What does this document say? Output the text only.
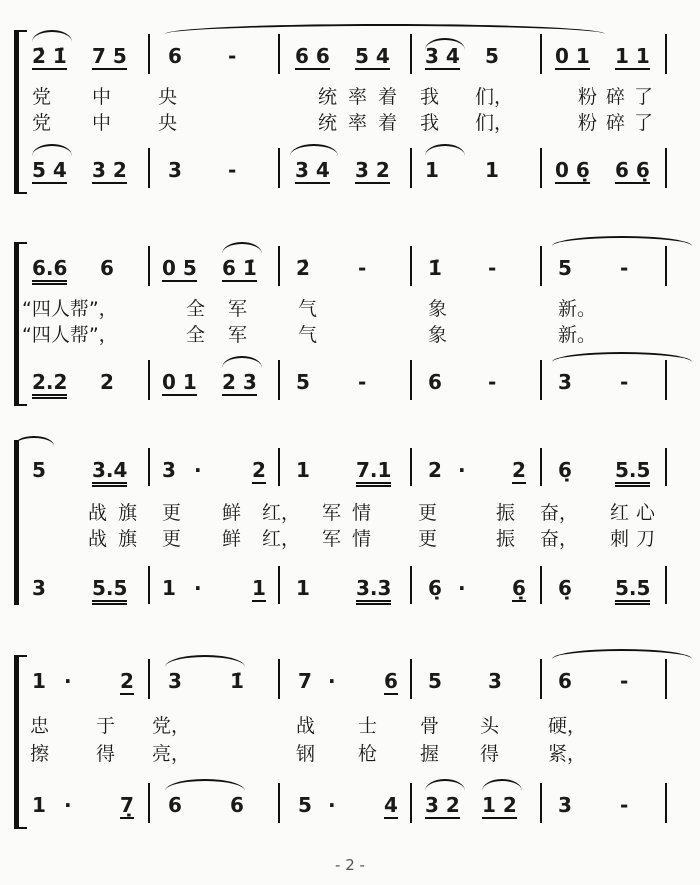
2̇ 1̇ 7 5 6 -	6 6 5 4 3 4 5	0 1 1 1
党 中 央	统 率 着 我 们，	粉 碎 了
党 中 央	统 率 着 我 们，	粉 碎 了
5 4 3 2 3 -	3 4 3 2 1 1	0 6̣ 6 6̣
6.6 6 0 5 6 1̇ 2̇ -	1̇ -	5 -
“四人帮”，	全 军	气	象	新。
“四人帮”，	全 军	气	象	新。
2.2 2 0 1 2 3 5 -	6 -	3 -
5 3.4 3 ·	2 1 7.1 2 · 2 6̣ 5.5
战 旗 更 鲜 红， 军 情 更	振 奋， 红 心
战 旗 更 鲜 红， 军 情 更	振 奋， 刺 刀
3 5.5 1 ·	1 1 3.3 6̣ · 6̣ 6̣ 5.5
1 · 2 3 1̇	7 · 6 5 3	6 -
忠 于 党，	战 士 骨 头	硬，
擦 得 亮，	钢 枪 握 得	紧，
1 · 7̣ 6 6	5 · 4 3 2 1 2 3 -
- 2 -
